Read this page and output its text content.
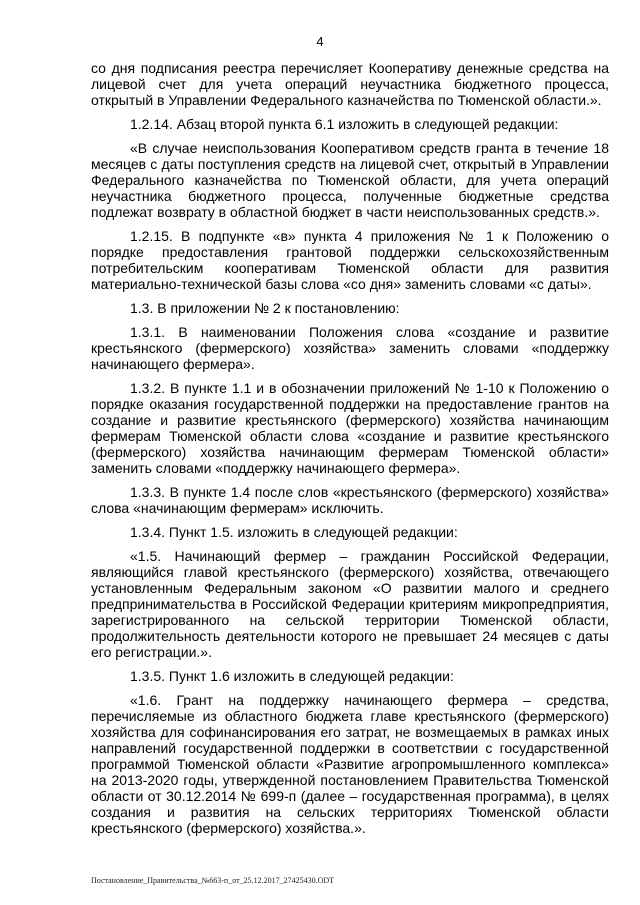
4

со дня подписания реестра перечисляет Кооперативу денежные средства на лицевой счет для учета операций неучастника бюджетного процесса, открытый в Управлении Федерального казначейства по Тюменской области.».

1.2.14. Абзац второй пункта 6.1 изложить в следующей редакции:

«В случае неиспользования Кооперативом средств гранта в течение 18 месяцев с даты поступления средств на лицевой счет, открытый в Управлении Федерального казначейства по Тюменской области, для учета операций неучастника бюджетного процесса, полученные бюджетные средства подлежат возврату в областной бюджет в части неиспользованных средств.».

1.2.15. В подпункте «в» пункта 4 приложения № 1 к Положению о порядке предоставления грантовой поддержки сельскохозяйственным потребительским кооперативам Тюменской области для развития материально-технической базы слова «со дня» заменить словами «с даты».

1.3. В приложении № 2 к постановлению:

1.3.1. В наименовании Положения слова «создание и развитие крестьянского (фермерского) хозяйства» заменить словами «поддержку начинающего фермера».

1.3.2. В пункте 1.1 и в обозначении приложений № 1-10 к Положению о порядке оказания государственной поддержки на предоставление грантов на создание и развитие крестьянского (фермерского) хозяйства начинающим фермерам Тюменской области слова «создание и развитие крестьянского (фермерского) хозяйства начинающим фермерам Тюменской области» заменить словами «поддержку начинающего фермера».

1.3.3. В пункте 1.4 после слов «крестьянского (фермерского) хозяйства» слова «начинающим фермерам» исключить.

1.3.4. Пункт 1.5. изложить в следующей редакции:

«1.5. Начинающий фермер – гражданин Российской Федерации, являющийся главой крестьянского (фермерского) хозяйства, отвечающего установленным Федеральным законом «О развитии малого и среднего предпринимательства в Российской Федерации критериям микропредприятия, зарегистрированного на сельской территории Тюменской области, продолжительность деятельности которого не превышает 24 месяцев с даты его регистрации.».

1.3.5. Пункт 1.6 изложить в следующей редакции:

«1.6. Грант на поддержку начинающего фермера – средства, перечисляемые из областного бюджета главе крестьянского (фермерского) хозяйства для софинансирования его затрат, не возмещаемых в рамках иных направлений государственной поддержки в соответствии с государственной программой Тюменской области «Развитие агропромышленного комплекса» на 2013-2020 годы, утвержденной постановлением Правительства Тюменской области от 30.12.2014 № 699-п (далее – государственная программа), в целях создания и развития на сельских территориях Тюменской области крестьянского (фермерского) хозяйства.».

Постановление_Правительства_№663-п_от_25.12.2017_27425430.ODT
